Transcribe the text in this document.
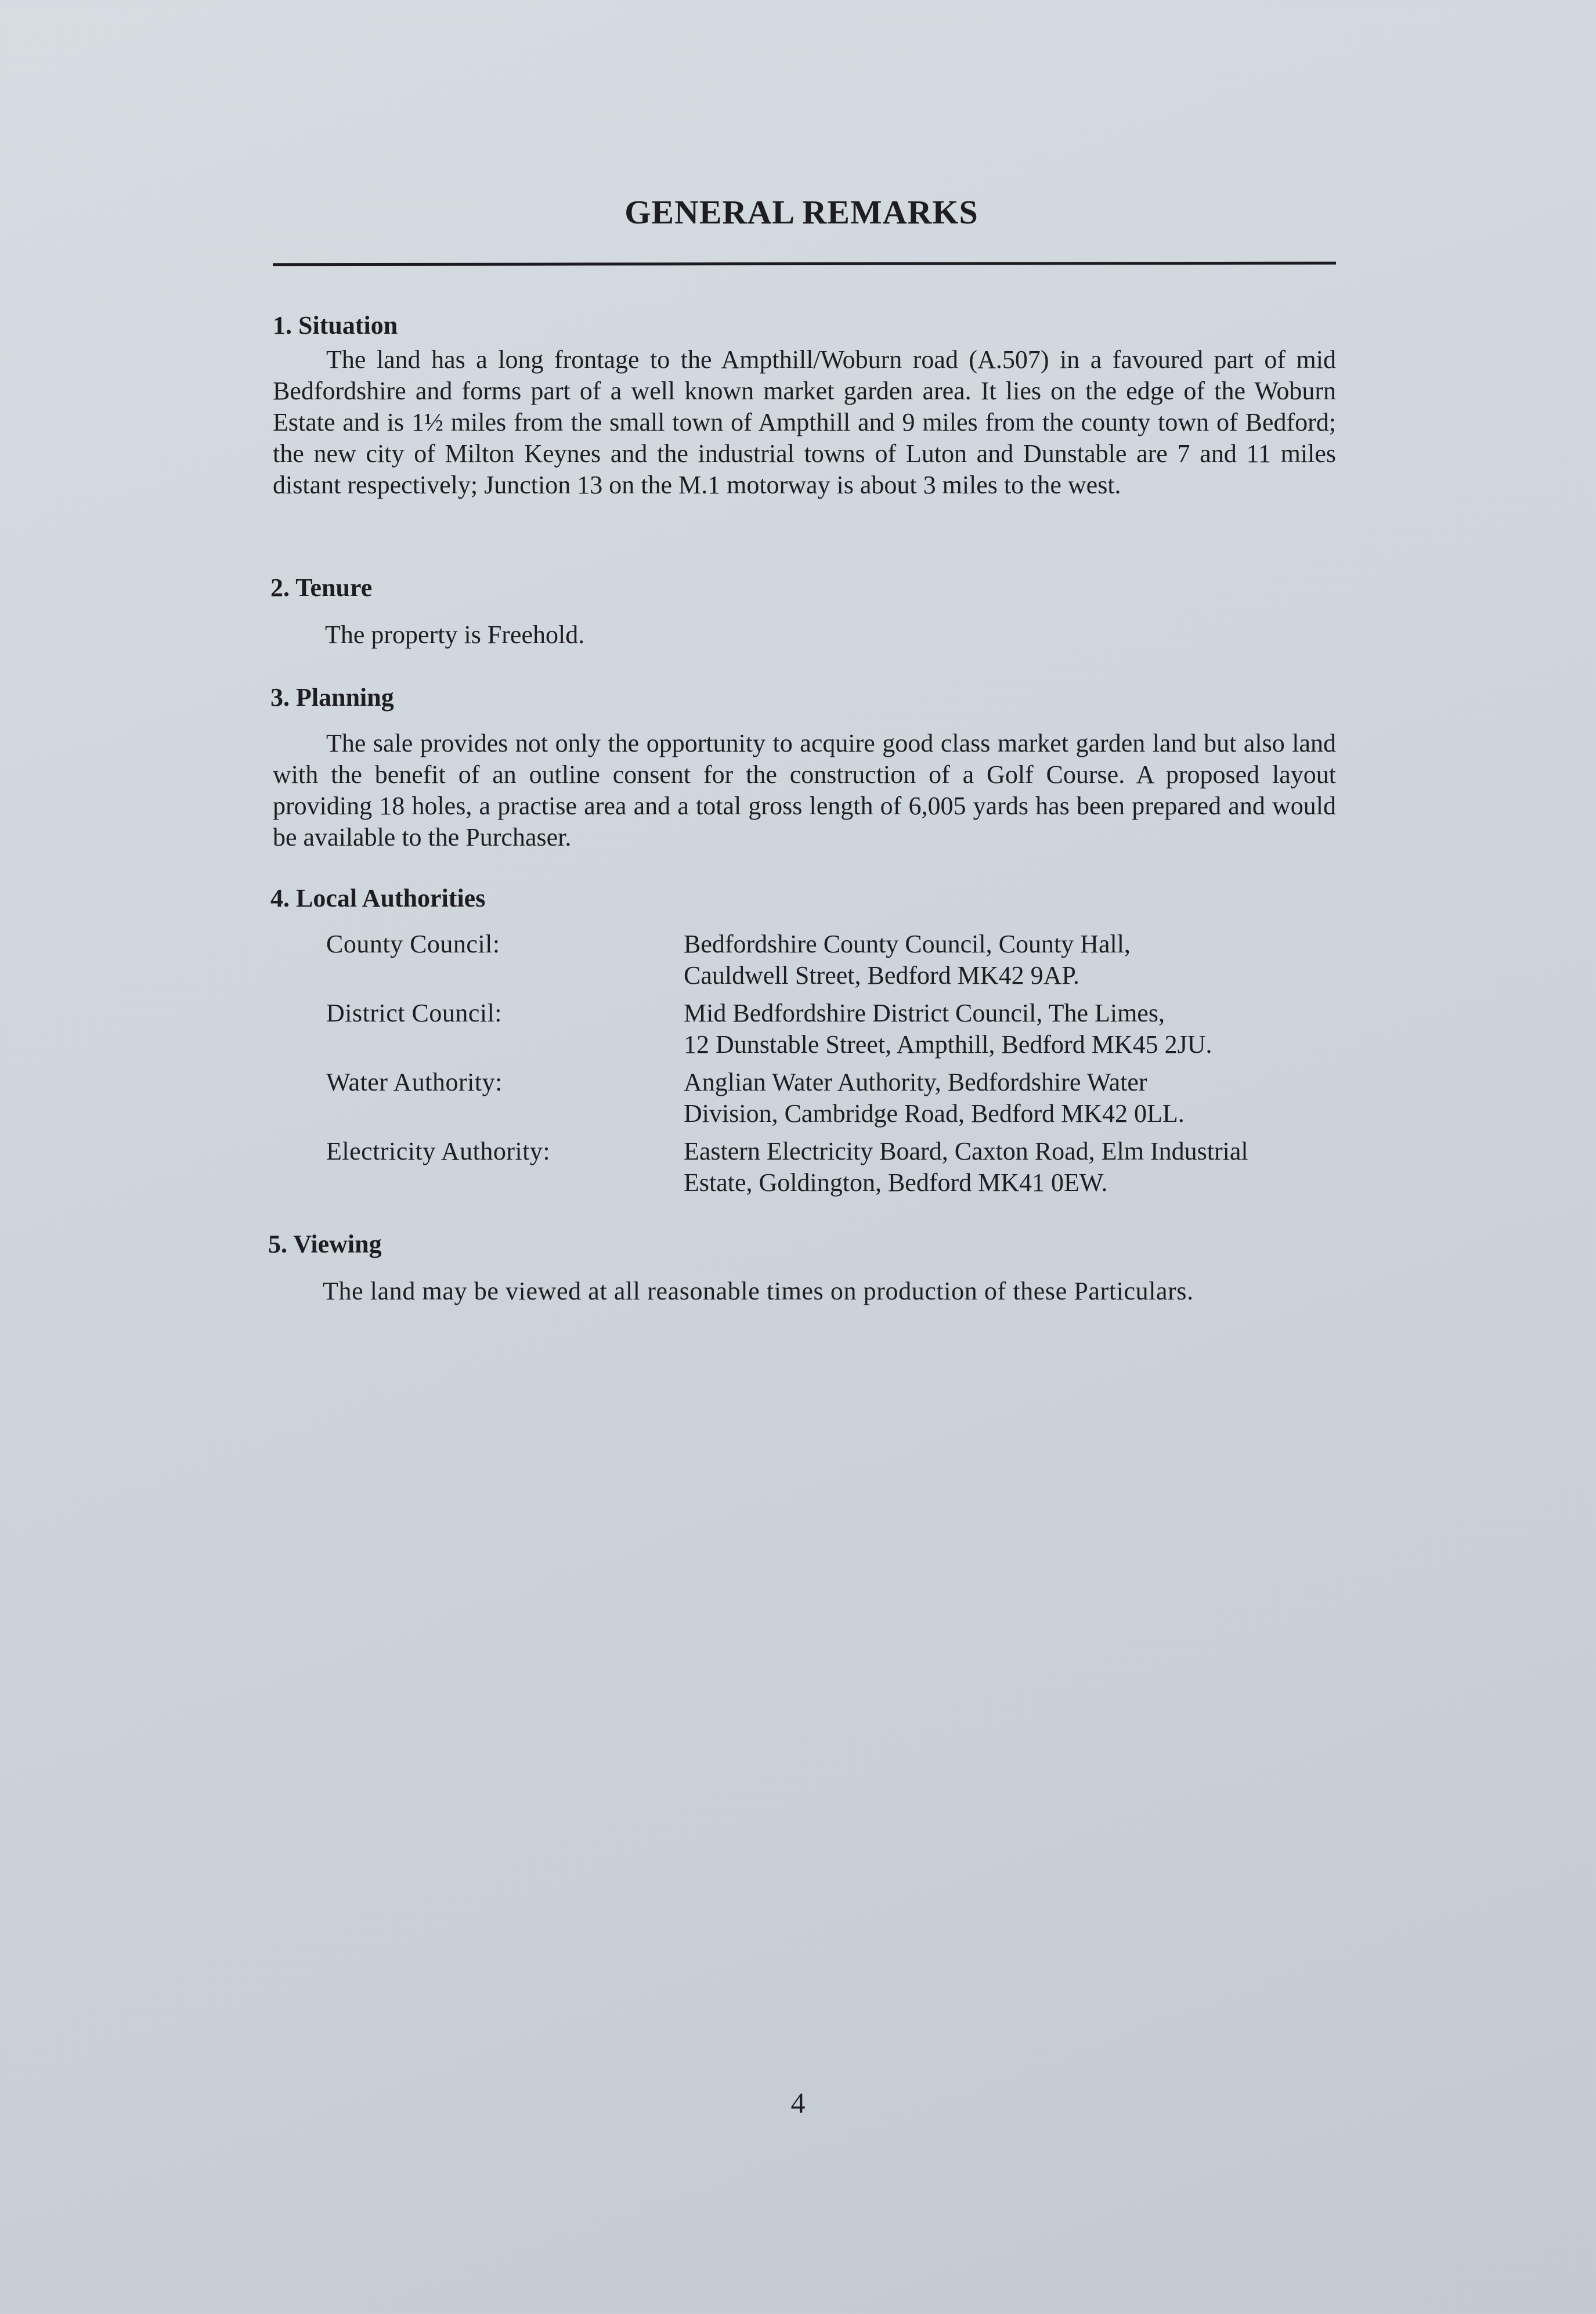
GENERAL REMARKS
1. Situation

The land has a long frontage to the Ampthill/Woburn road (A.507) in a favoured part of mid Bedfordshire and forms part of a well known market garden area. It lies on the edge of the Woburn Estate and is 1½ miles from the small town of Ampthill and 9 miles from the county town of Bedford; the new city of Milton Keynes and the industrial towns of Luton and Dunstable are 7 and 11 miles distant respectively; Junction 13 on the M.1 motorway is about 3 miles to the west.

2. Tenure

The property is Freehold.

3. Planning

The sale provides not only the opportunity to acquire good class market garden land but also land with the benefit of an outline consent for the construction of a Golf Course. A proposed layout providing 18 holes, a practise area and a total gross length of 6,005 yards has been prepared and would be available to the Purchaser.

4. Local Authorities
County Council:	Bedfordshire County Council, County Hall,
Cauldwell Street, Bedford MK42 9AP.
District Council:	Mid Bedfordshire District Council, The Limes,
12 Dunstable Street, Ampthill, Bedford MK45 2JU.
Water Authority:	Anglian Water Authority, Bedfordshire Water
Division, Cambridge Road, Bedford MK42 0LL.
Electricity Authority:	Eastern Electricity Board, Caxton Road, Elm Industrial
Estate, Goldington, Bedford MK41 0EW.
5. Viewing

The land may be viewed at all reasonable times on production of these Particulars.

4
